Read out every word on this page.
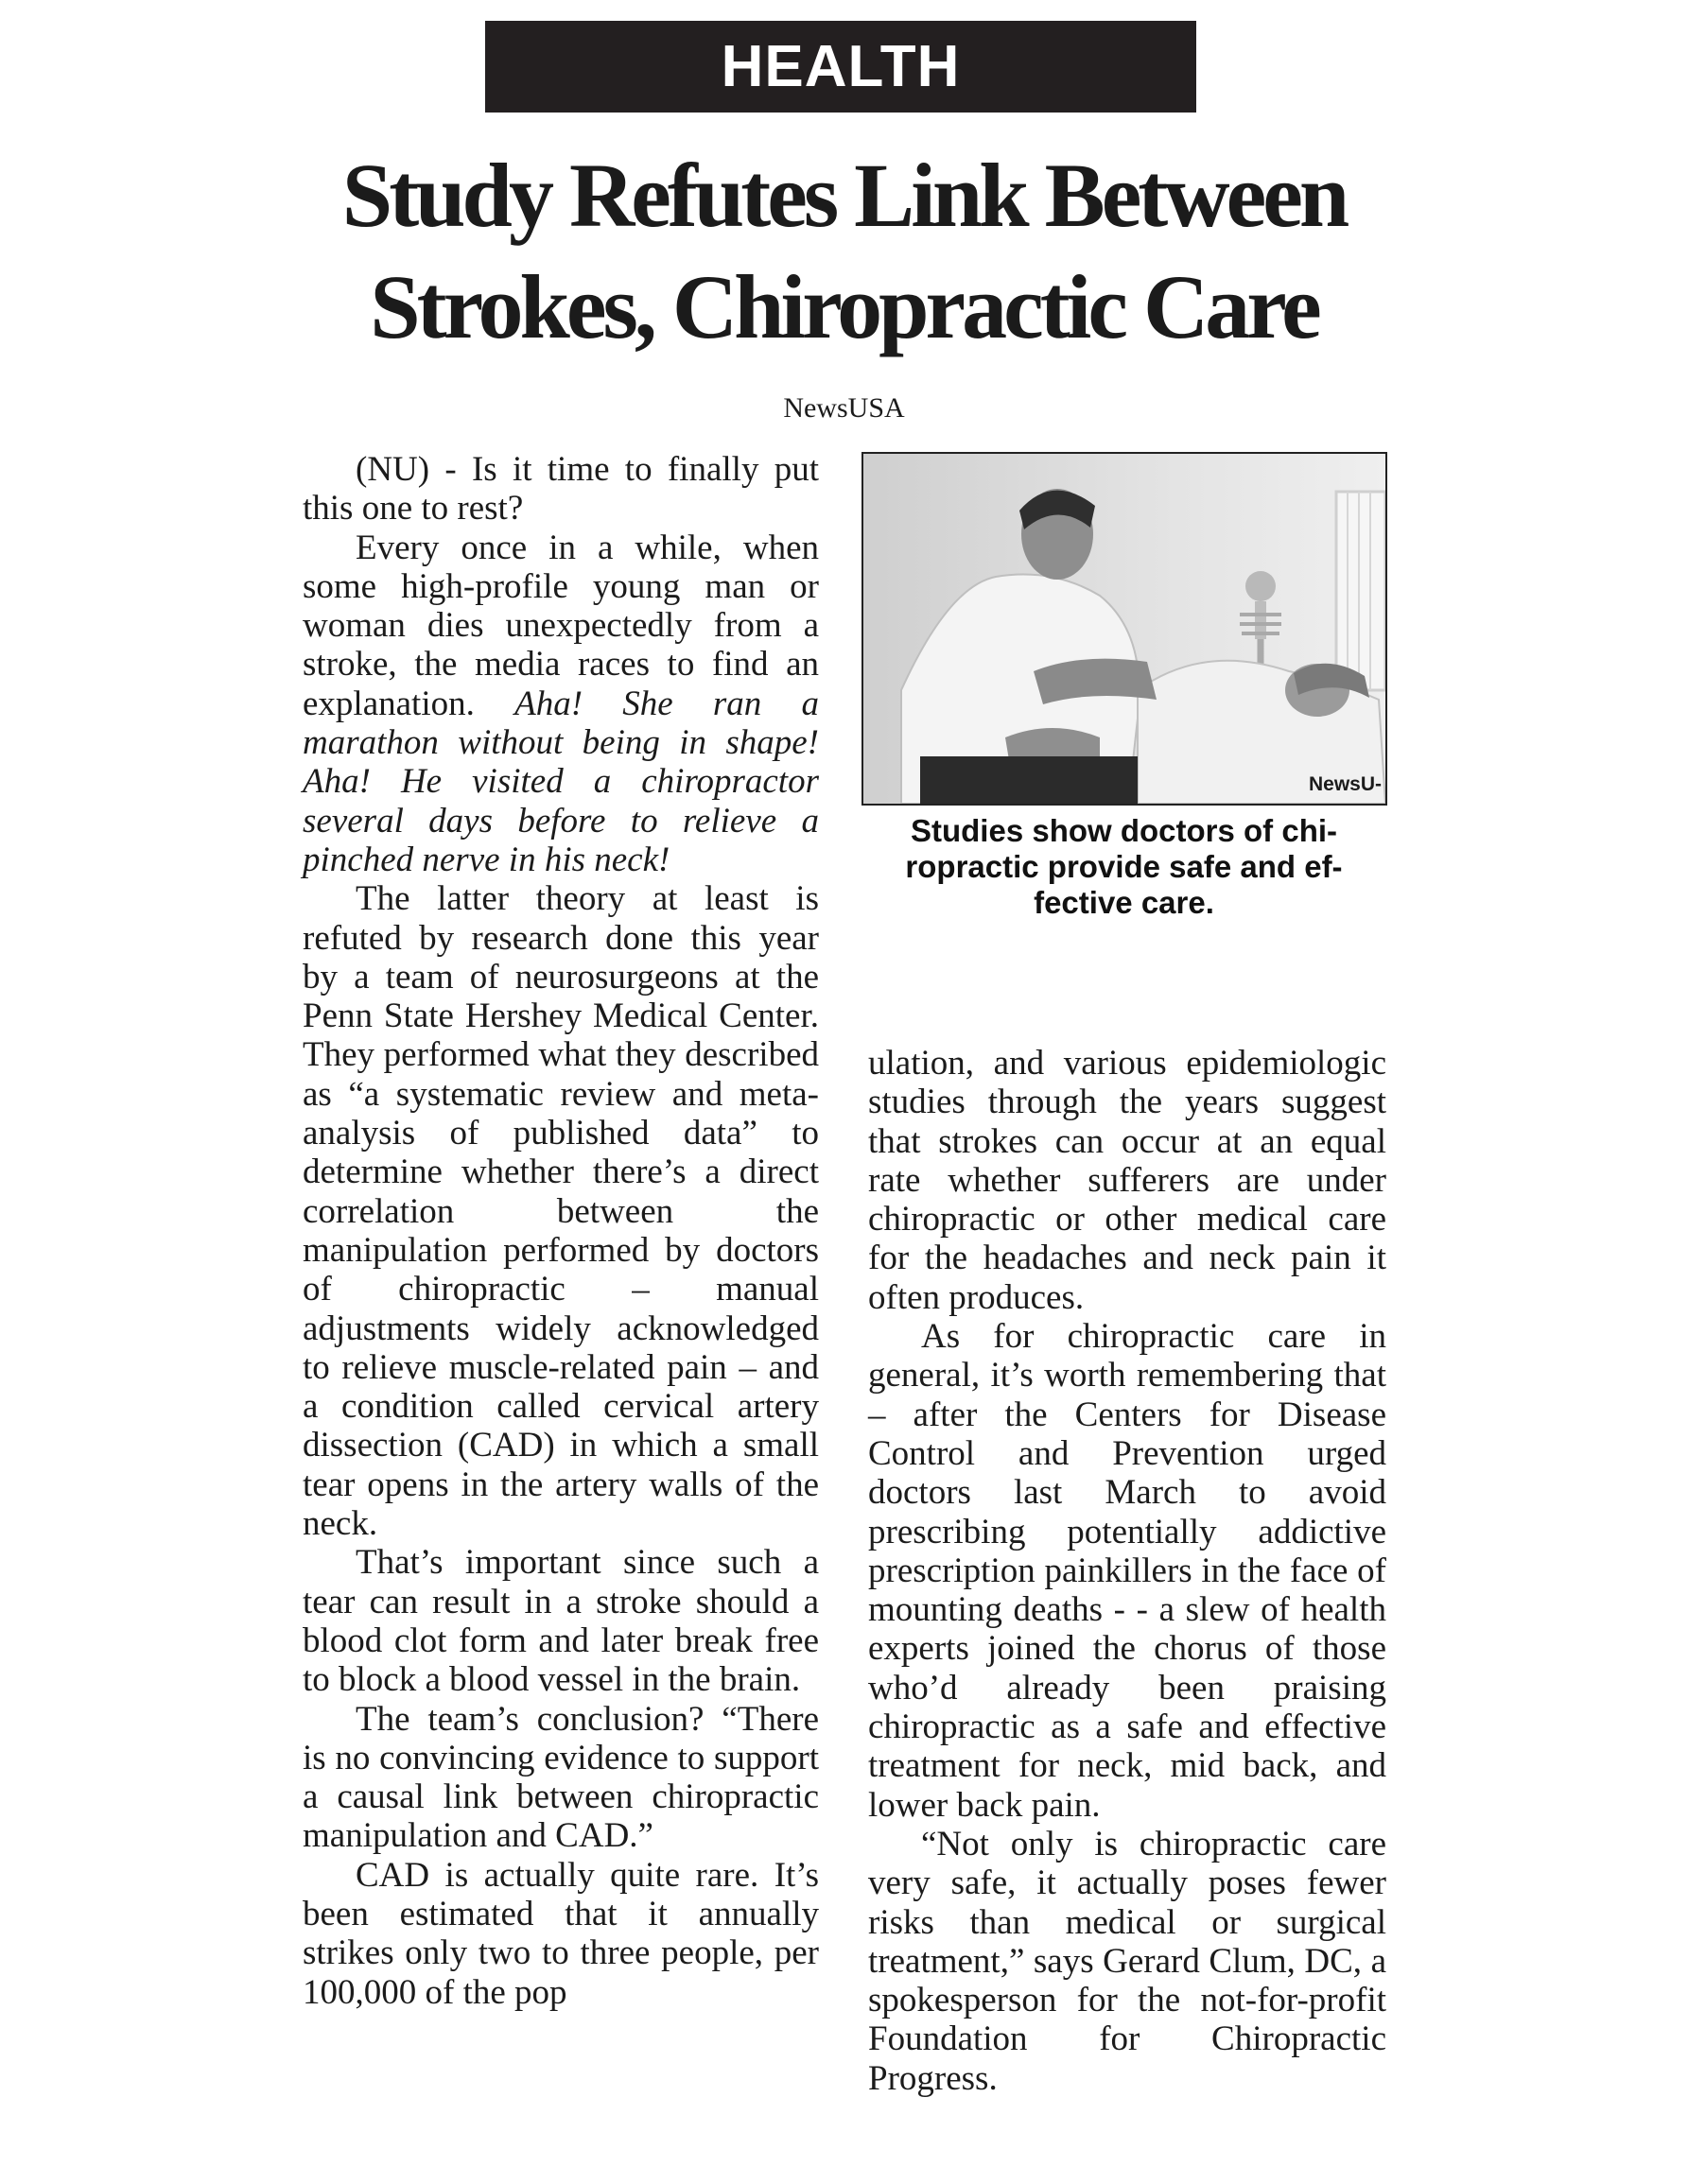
HEALTH
Study Refutes Link Between
Strokes, Chiropractic Care
NewsUSA

(NU) - Is it time to finally put this one to rest?

Every once in a while, when some high-profile young man or woman dies unexpectedly from a stroke, the media races to find an explanation. Aha! She ran a marathon without being in shape! Aha! He visited a chiropractor several days before to relieve a pinched nerve in his neck!

The latter theory at least is refuted by research done this year by a team of neurosurgeons at the Penn State Hershey Medical Center. They performed what they described as “a systematic review and meta-analysis of published data” to determine whether there’s a direct correlation between the manipulation performed by doctors of chiropractic – manual adjustments widely acknowledged to relieve muscle-related pain – and a condition called cervical artery dissection (CAD) in which a small tear opens in the artery walls of the neck.

That’s important since such a tear can result in a stroke should a blood clot form and later break free to block a blood vessel in the brain.

The team’s conclusion? “There is no convincing evidence to support a causal link between chiropractic manipulation and CAD.”

CAD is actually quite rare. It’s been estimated that it annually strikes only two to three people, per 100,000 of the pop

NewsU-
Studies show doctors of chi-
ropractic provide safe and ef-
fective care.

ulation, and various epidemiologic studies through the years suggest that strokes can occur at an equal rate whether sufferers are under chiropractic or other medical care for the headaches and neck pain it often produces.

As for chiropractic care in general, it’s worth remembering that – after the Centers for Disease Control and Prevention urged doctors last March to avoid prescribing potentially addictive prescription painkillers in the face of mounting deaths - - a slew of health experts joined the chorus of those who’d already been praising chiropractic as a safe and effective treatment for neck, mid back, and lower back pain.

“Not only is chiropractic care very safe, it actually poses fewer risks than medical or surgical treatment,” says Gerard Clum, DC, a spokesperson for the not-for-profit Foundation for Chiropractic Progress.
